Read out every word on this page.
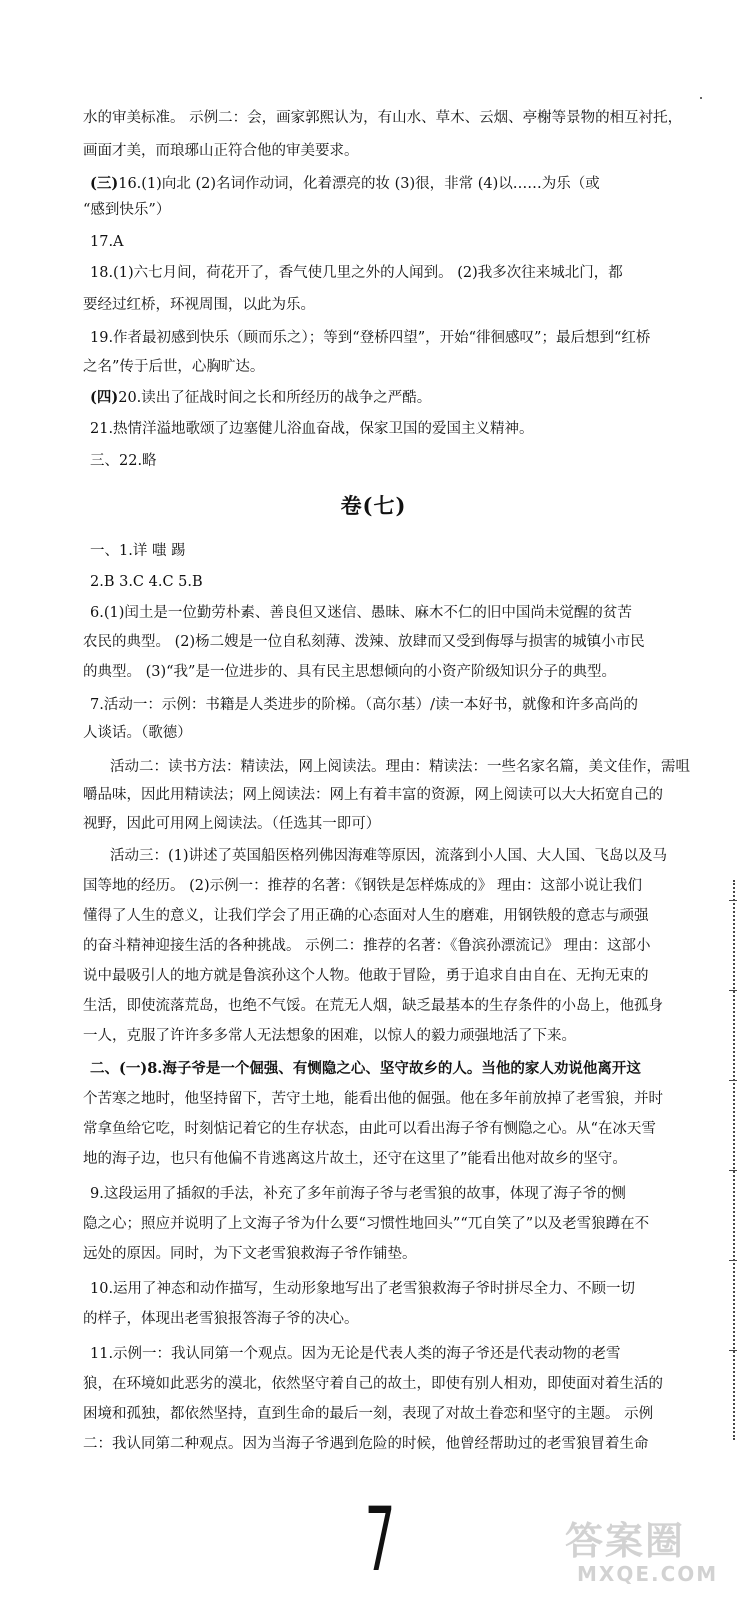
水的审美标准。 示例二：会，画家郭熙认为，有山水、草木、云烟、亭榭等景物的相互衬托，
画面才美，而琅琊山正符合他的审美要求。
(三)16.(1)向北 (2)名词作动词，化着漂亮的妆 (3)很，非常 (4)以……为乐（或
“感到快乐”）
17.A
18.(1)六七月间，荷花开了，香气使几里之外的人闻到。 (2)我多次往来城北门，都
要经过红桥，环视周围，以此为乐。
19.作者最初感到快乐（顾而乐之）；等到“登桥四望”，开始“徘徊感叹”；最后想到“红桥
之名”传于后世，心胸旷达。
(四)20.读出了征战时间之长和所经历的战争之严酷。
21.热情洋溢地歌颂了边塞健儿浴血奋战，保家卫国的爱国主义精神。
三、22.略
卷(七)
一、1.详 嗤 踢
2.B 3.C 4.C 5.B
6.(1)闰土是一位勤劳朴素、善良但又迷信、愚昧、麻木不仁的旧中国尚未觉醒的贫苦
农民的典型。 (2)杨二嫂是一位自私刻薄、泼辣、放肆而又受到侮辱与损害的城镇小市民
的典型。 (3)“我”是一位进步的、具有民主思想倾向的小资产阶级知识分子的典型。
7.活动一：示例：书籍是人类进步的阶梯。（高尔基）/读一本好书，就像和许多高尚的
人谈话。（歌德）
活动二：读书方法：精读法，网上阅读法。理由：精读法：一些名家名篇，美文佳作，需咀
嚼品味，因此用精读法；网上阅读法：网上有着丰富的资源，网上阅读可以大大拓宽自己的
视野，因此可用网上阅读法。（任选其一即可）
活动三：(1)讲述了英国船医格列佛因海难等原因，流落到小人国、大人国、飞岛以及马
国等地的经历。 (2)示例一：推荐的名著：《钢铁是怎样炼成的》 理由：这部小说让我们
懂得了人生的意义，让我们学会了用正确的心态面对人生的磨难，用钢铁般的意志与顽强
的奋斗精神迎接生活的各种挑战。 示例二：推荐的名著：《鲁滨孙漂流记》 理由：这部小
说中最吸引人的地方就是鲁滨孙这个人物。他敢于冒险，勇于追求自由自在、无拘无束的
生活，即使流落荒岛，也绝不气馁。在荒无人烟，缺乏最基本的生存条件的小岛上，他孤身
一人，克服了许许多多常人无法想象的困难，以惊人的毅力顽强地活了下来。
二、(一)8.海子爷是一个倔强、有恻隐之心、坚守故乡的人。当他的家人劝说他离开这
个苦寒之地时，他坚持留下，苦守土地，能看出他的倔强。他在多年前放掉了老雪狼，并时
常拿鱼给它吃，时刻惦记着它的生存状态，由此可以看出海子爷有恻隐之心。从“在冰天雪
地的海子边，也只有他偏不肯逃离这片故土，还守在这里了”能看出他对故乡的坚守。
9.这段运用了插叙的手法，补充了多年前海子爷与老雪狼的故事，体现了海子爷的恻
隐之心；照应并说明了上文海子爷为什么要“习惯性地回头”“兀自笑了”以及老雪狼蹲在不
远处的原因。同时，为下文老雪狼救海子爷作铺垫。
10.运用了神态和动作描写，生动形象地写出了老雪狼救海子爷时拼尽全力、不顾一切
的样子，体现出老雪狼报答海子爷的决心。
11.示例一：我认同第一个观点。因为无论是代表人类的海子爷还是代表动物的老雪
狼，在环境如此恶劣的漠北，依然坚守着自己的故土，即使有别人相劝，即使面对着生活的
困境和孤独，都依然坚持，直到生命的最后一刻，表现了对故土眷恋和坚守的主题。 示例
二：我认同第二种观点。因为当海子爷遇到危险的时候，他曾经帮助过的老雪狼冒着生命
7	答案圈
MXQE.COM
